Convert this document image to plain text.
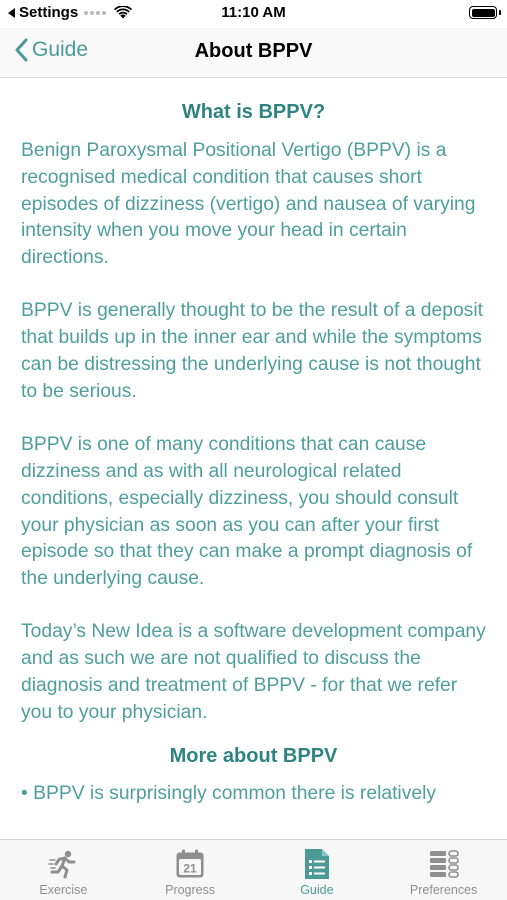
Settings	11:10 AM
Guide	About BPPV
What is BPPV?

Benign Paroxysmal Positional Vertigo (BPPV) is a recognised medical condition that causes short episodes of dizziness (vertigo) and nausea of varying intensity when you move your head in certain directions.

BPPV is generally thought to be the result of a deposit that builds up in the inner ear and while the symptoms can be distressing the underlying cause is not thought to be serious.

BPPV is one of many conditions that can cause dizziness and as with all neurological related conditions, especially dizziness, you should consult your physician as soon as you can after your first episode so that they can make a prompt diagnosis of the underlying cause.

Today’s New Idea is a software development company and as such we are not qualified to discuss the diagnosis and treatment of BPPV - for that we refer you to your physician.

More about BPPV

• BPPV is surprisingly common there is relatively

Exercise
21
Progress	Guide	Preferences
